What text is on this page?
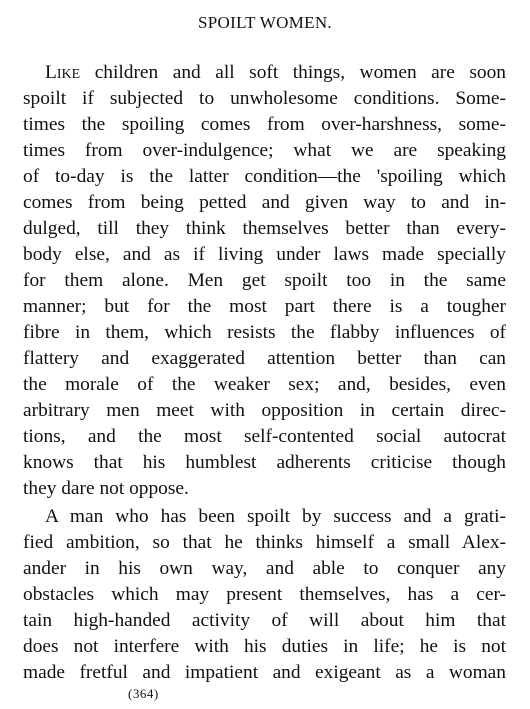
SPOILT WOMEN.
Like children and all soft things, women are soon
spoilt if subjected to unwholesome conditions. Some-
times the spoiling comes from over-harshness, some-
times from over-indulgence; what we are speaking
of to-day is the latter condition—the 'spoiling which
comes from being petted and given way to and in-
dulged, till they think themselves better than every-
body else, and as if living under laws made specially
for them alone. Men get spoilt too in the same
manner; but for the most part there is a tougher
fibre in them, which resists the flabby influences of
flattery and exaggerated attention better than can
the morale of the weaker sex; and, besides, even
arbitrary men meet with opposition in certain direc-
tions, and the most self-contented social autocrat
knows that his humblest adherents criticise though
they dare not oppose.
A man who has been spoilt by success and a grati-
fied ambition, so that he thinks himself a small Alex-
ander in his own way, and able to conquer any
obstacles which may present themselves, has a cer-
tain high-handed activity of will about him that
does not interfere with his duties in life; he is not
made fretful and impatient and exigeant as a woman
(364)
